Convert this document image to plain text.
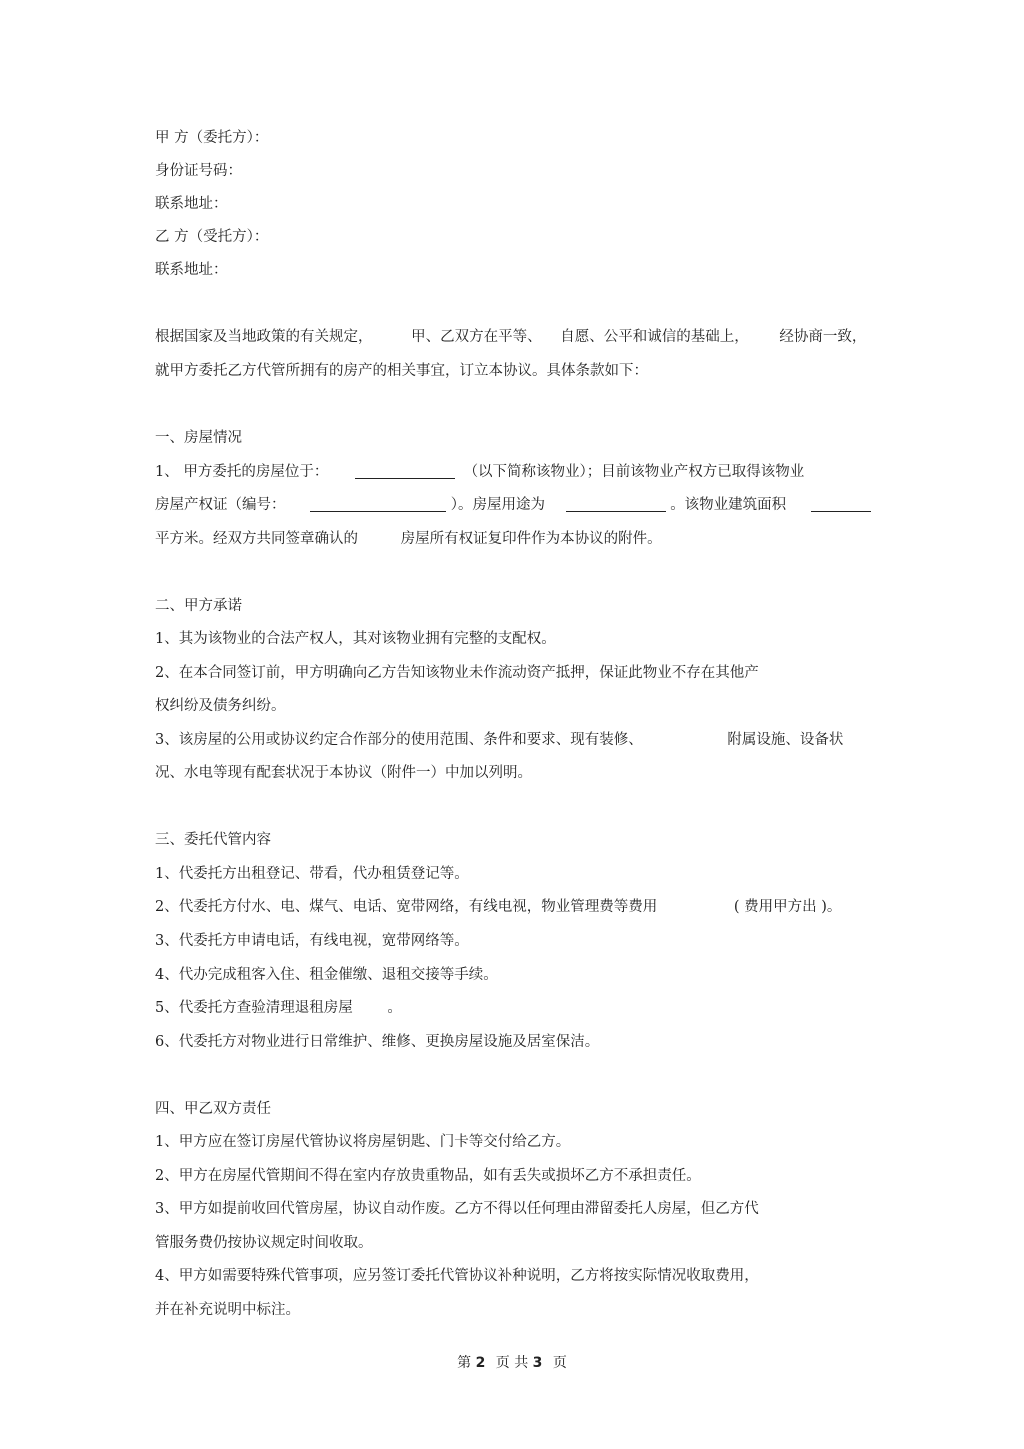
甲 方（委托方）：
身份证号码：
联系地址：
乙 方（受托方）：
联系地址：
根据国家及当地政策的有关规定，	甲、乙双方在平等、 自愿、公平和诚信的基础上， 经协商一致，
就甲方委托乙方代管所拥有的房产的相关事宜，订立本协议。具体条款如下：
一、房屋情况
1、 甲方委托的房屋位于：	（以下简称该物业）；目前该物业产权方已取得该物业
房屋产权证（编号：	）。房屋用途为	。该物业建筑面积
平方米。经双方共同签章确认的	房屋所有权证复印件作为本协议的附件。
二、甲方承诺
1、其为该物业的合法产权人，其对该物业拥有完整的支配权。
2、在本合同签订前，甲方明确向乙方告知该物业未作流动资产抵押，保证此物业不存在其他产
权纠纷及债务纠纷。
3、该房屋的公用或协议约定合作部分的使用范围、条件和要求、现有装修、	附属设施、设备状
况、水电等现有配套状况于本协议（附件一）中加以列明。
三、委托代管内容
1、代委托方出租登记、带看，代办租赁登记等。
2、代委托方付水、电、煤气、电话、宽带网络，有线电视，物业管理费等费用	( 费用甲方出 )。
3、代委托方申请电话，有线电视，宽带网络等。
4、代办完成租客入住、租金催缴、退租交接等手续。
5、代委托方查验清理退租房屋 。
6、代委托方对物业进行日常维护、维修、更换房屋设施及居室保洁。
四、甲乙双方责任
1、甲方应在签订房屋代管协议将房屋钥匙、门卡等交付给乙方。
2、甲方在房屋代管期间不得在室内存放贵重物品，如有丢失或损坏乙方不承担责任。
3、甲方如提前收回代管房屋，协议自动作废。乙方不得以任何理由滞留委托人房屋，但乙方代
管服务费仍按协议规定时间收取。
4、甲方如需要特殊代管事项，应另签订委托代管协议补种说明，乙方将按实际情况收取费用，
并在补充说明中标注。
第 2 页 共 3 页
